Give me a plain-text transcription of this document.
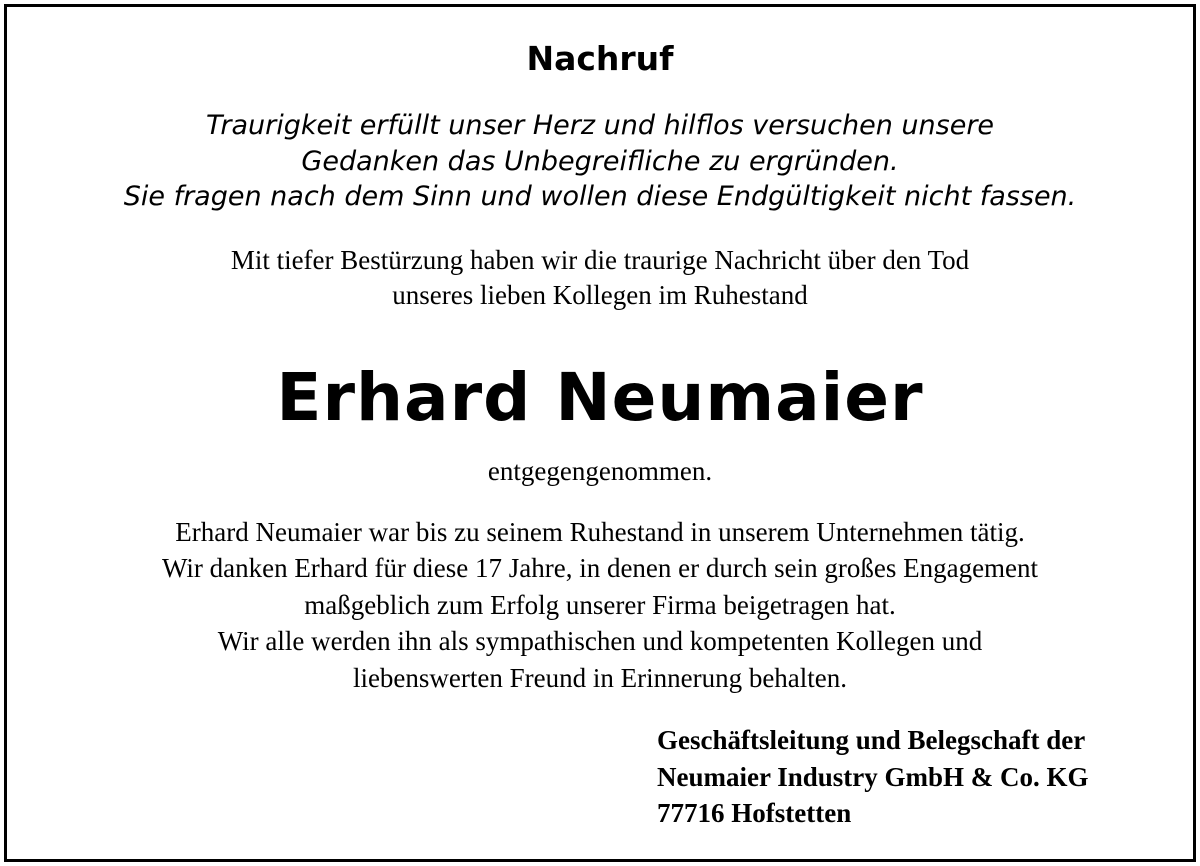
Nachruf
Traurigkeit erfüllt unser Herz und hilflos versuchen unsere
Gedanken das Unbegreifliche zu ergründen.
Sie fragen nach dem Sinn und wollen diese Endgültigkeit nicht fassen.
Mit tiefer Bestürzung haben wir die traurige Nachricht über den Tod
unseres lieben Kollegen im Ruhestand
Erhard Neumaier
entgegengenommen.
Erhard Neumaier war bis zu seinem Ruhestand in unserem Unternehmen tätig.
Wir danken Erhard für diese 17 Jahre, in denen er durch sein großes Engagement
maßgeblich zum Erfolg unserer Firma beigetragen hat.
Wir alle werden ihn als sympathischen und kompetenten Kollegen und
liebenswerten Freund in Erinnerung behalten.
Geschäftsleitung und Belegschaft der
Neumaier Industry GmbH & Co. KG
77716 Hofstetten
